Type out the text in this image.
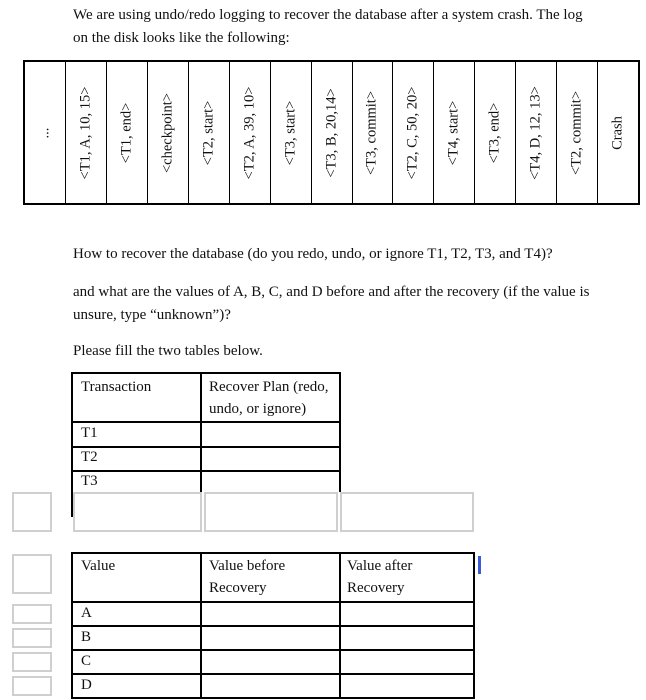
We are using undo/redo logging to recover the database after a system crash. The log

on the disk looks like the following:

... <T1, A, 10, 15> <T1, end> <checkpoint> <T2, start> <T2, A, 39, 10> <T3, start> <T3, B, 20,14> <T3, commit> <T2, C, 50, 20> <T4, start> <T3, end> <T4, D, 12, 13> <T2, commit> Crash

How to recover the database (do you redo, undo, or ignore T1, T2, T3, and T4)?

and what are the values of A, B, C, and D before and after the recovery (if the value is

unsure, type “unknown”)?

Please fill the two tables below.

Transaction	Recover Plan (redo,
undo, or ignore)
T1
T2
T3
Value	Value before
Recovery
Value after
Recovery
A
B
C
D
